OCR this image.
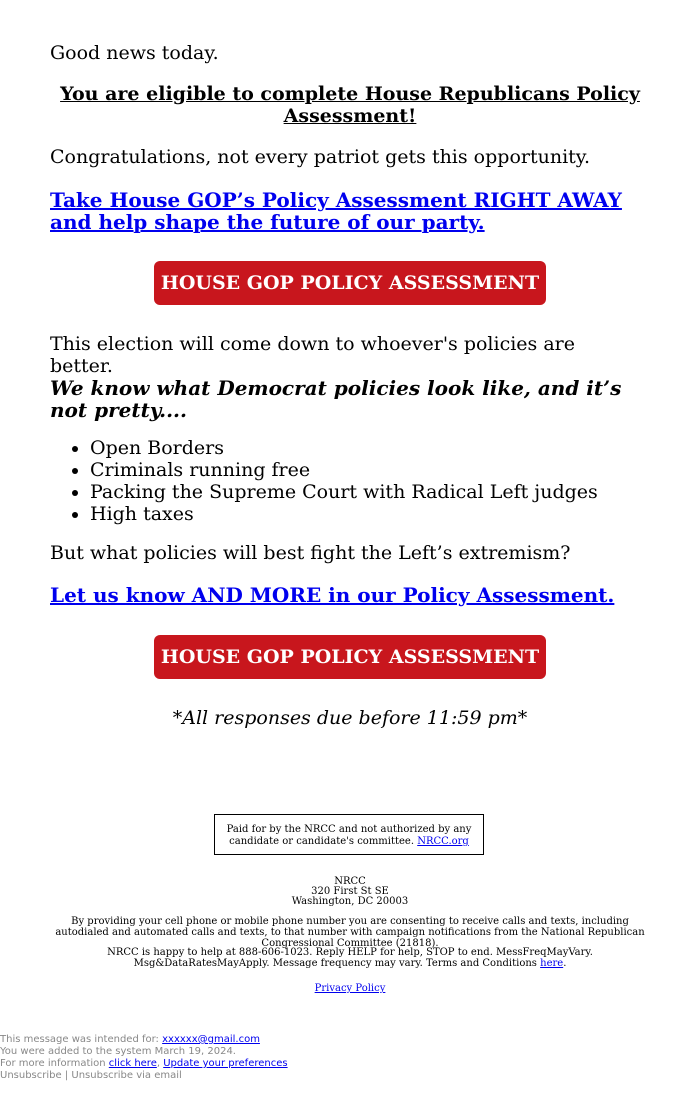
Good news today.

You are eligible to complete House Republicans Policy Assessment!

Congratulations, not every patriot gets this opportunity.

Take House GOP’s Policy Assessment RIGHT AWAY and help shape the future of our party.

HOUSE GOP POLICY ASSESSMENT

This election will come down to whoever's policies are better.

We know what Democrat policies look like, and it’s not pretty....

• Open Borders
• Criminals running free
• Packing the Supreme Court with Radical Left judges
• High taxes

But what policies will best fight the Left’s extremism?

Let us know AND MORE in our Policy Assessment.

HOUSE GOP POLICY ASSESSMENT

*All responses due before 11:59 pm*

Paid for by the NRCC and not authorized by any candidate or candidate's committee. NRCC.org
NRCC
320 First St SE
Washington, DC 20003
By providing your cell phone or mobile phone number you are consenting to receive calls and texts, including autodialed and automated calls and texts, to that number with campaign notifications from the National Republican Congressional Committee (21818).
NRCC is happy to help at 888-606-1023. Reply HELP for help, STOP to end. MessFreqMayVary. Msg&DataRatesMayApply. Message frequency may vary. Terms and Conditions here.
Privacy Policy
This message was intended for: xxxxxx@gmail.com
You were added to the system March 19, 2024.
For more information click here, Update your preferences
Unsubscribe | Unsubscribe via email
